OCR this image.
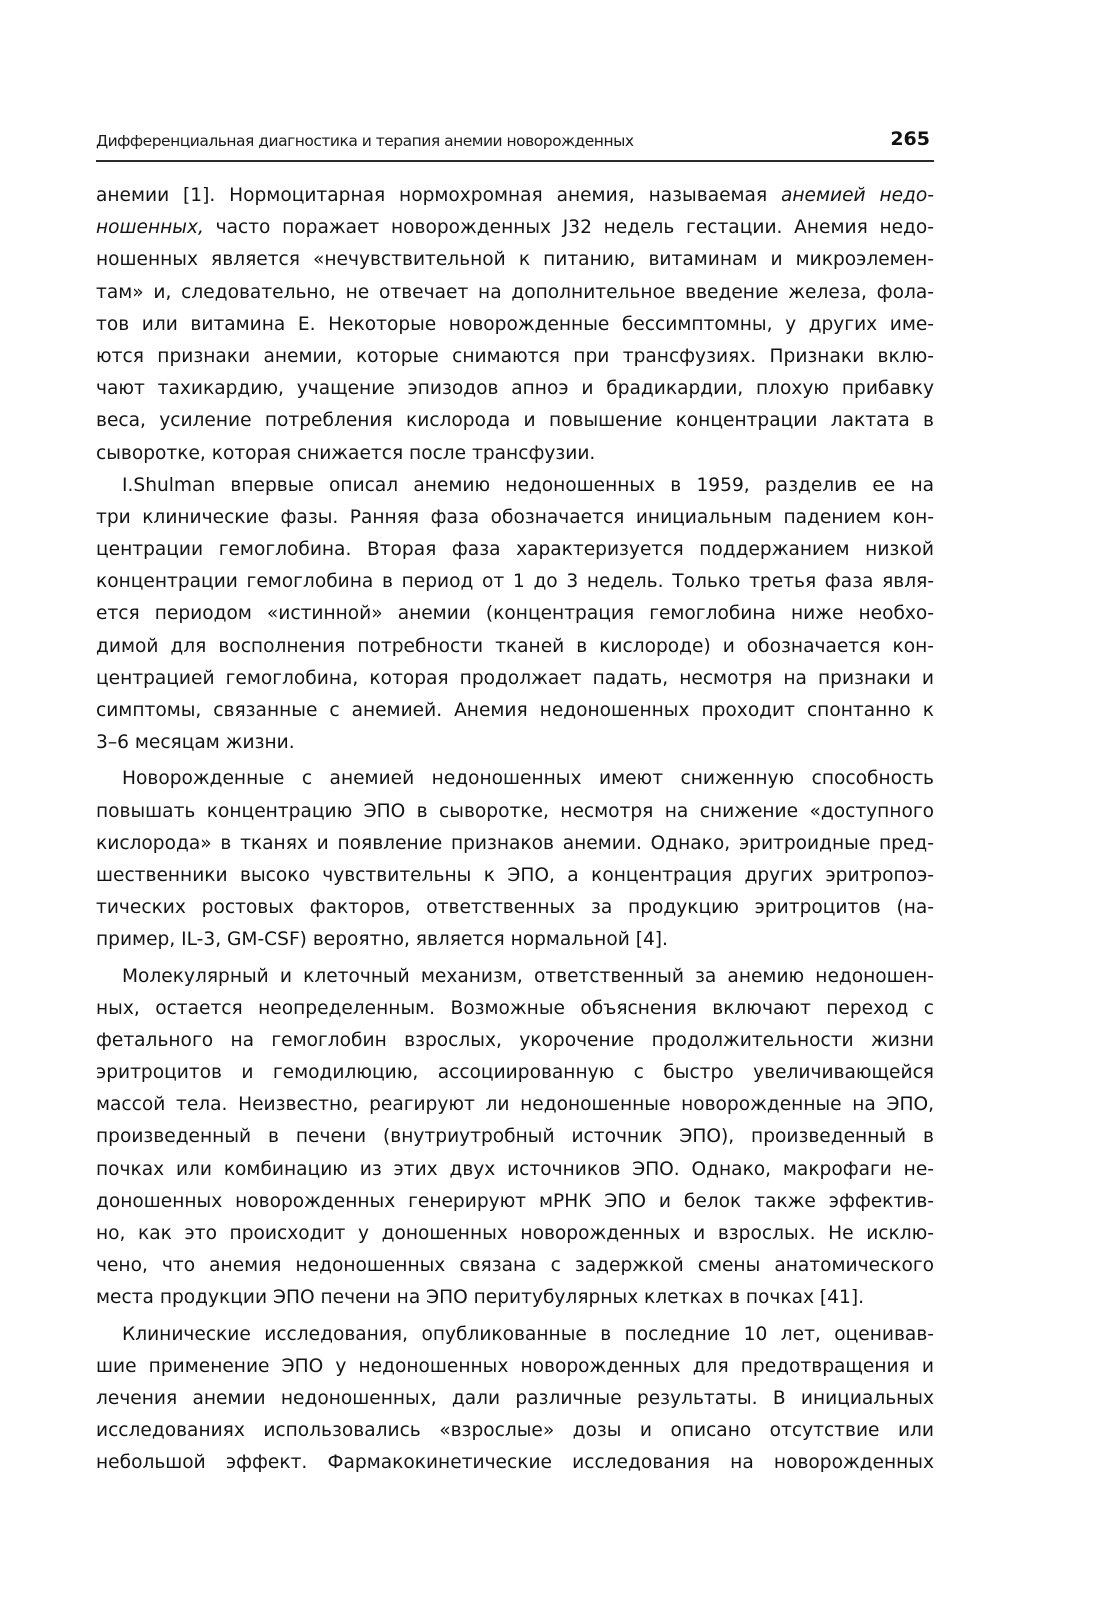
Дифференциальная диагностика и терапия анемии новорожденных	265
анемии [1]. Нормоцитарная нормохромная анемия, называемая анемией недо-
ношенных, часто поражает новорожденных J32 недель гестации. Анемия недо-
ношенных является «нечувствительной к питанию, витаминам и микроэлемен-
там» и, следовательно, не отвечает на дополнительное введение железа, фола-
тов или витамина Е. Некоторые новорожденные бессимптомны, у других име-
ются признаки анемии, которые снимаются при трансфузиях. Признаки вклю-
чают тахикардию, учащение эпизодов апноэ и брадикардии, плохую прибавку
веса, усиление потребления кислорода и повышение концентрации лактата в
сыворотке, которая снижается после трансфузии.
I.Shulman впервые описал анемию недоношенных в 1959, разделив ее на
три клинические фазы. Ранняя фаза обозначается инициальным падением кон-
центрации гемоглобина. Вторая фаза характеризуется поддержанием низкой
концентрации гемоглобина в период от 1 до 3 недель. Только третья фаза явля-
ется периодом «истинной» анемии (концентрация гемоглобина ниже необхо-
димой для восполнения потребности тканей в кислороде) и обозначается кон-
центрацией гемоглобина, которая продолжает падать, несмотря на признаки и
симптомы, связанные с анемией. Анемия недоношенных проходит спонтанно к
3–6 месяцам жизни.
Новорожденные с анемией недоношенных имеют сниженную способность
повышать концентрацию ЭПО в сыворотке, несмотря на снижение «доступного
кислорода» в тканях и появление признаков анемии. Однако, эритроидные пред-
шественники высоко чувствительны к ЭПО, а концентрация других эритропоэ-
тических ростовых факторов, ответственных за продукцию эритроцитов (на-
пример, IL-3, GM-CSF) вероятно, является нормальной [4].
Молекулярный и клеточный механизм, ответственный за анемию недоношен-
ных, остается неопределенным. Возможные объяснения включают переход с
фетального на гемоглобин взрослых, укорочение продолжительности жизни
эритроцитов и гемодилюцию, ассоциированную с быстро увеличивающейся
массой тела. Неизвестно, реагируют ли недоношенные новорожденные на ЭПО,
произведенный в печени (внутриутробный источник ЭПО), произведенный в
почках или комбинацию из этих двух источников ЭПО. Однако, макрофаги не-
доношенных новорожденных генерируют мРНК ЭПО и белок также эффектив-
но, как это происходит у доношенных новорожденных и взрослых. Не исклю-
чено, что анемия недоношенных связана с задержкой смены анатомического
места продукции ЭПО печени на ЭПО перитубулярных клетках в почках [41].
Клинические исследования, опубликованные в последние 10 лет, оценивав-
шие применение ЭПО у недоношенных новорожденных для предотвращения и
лечения анемии недоношенных, дали различные результаты. В инициальных
исследованиях использовались «взрослые» дозы и описано отсутствие или
небольшой эффект. Фармакокинетические исследования на новорожденных
